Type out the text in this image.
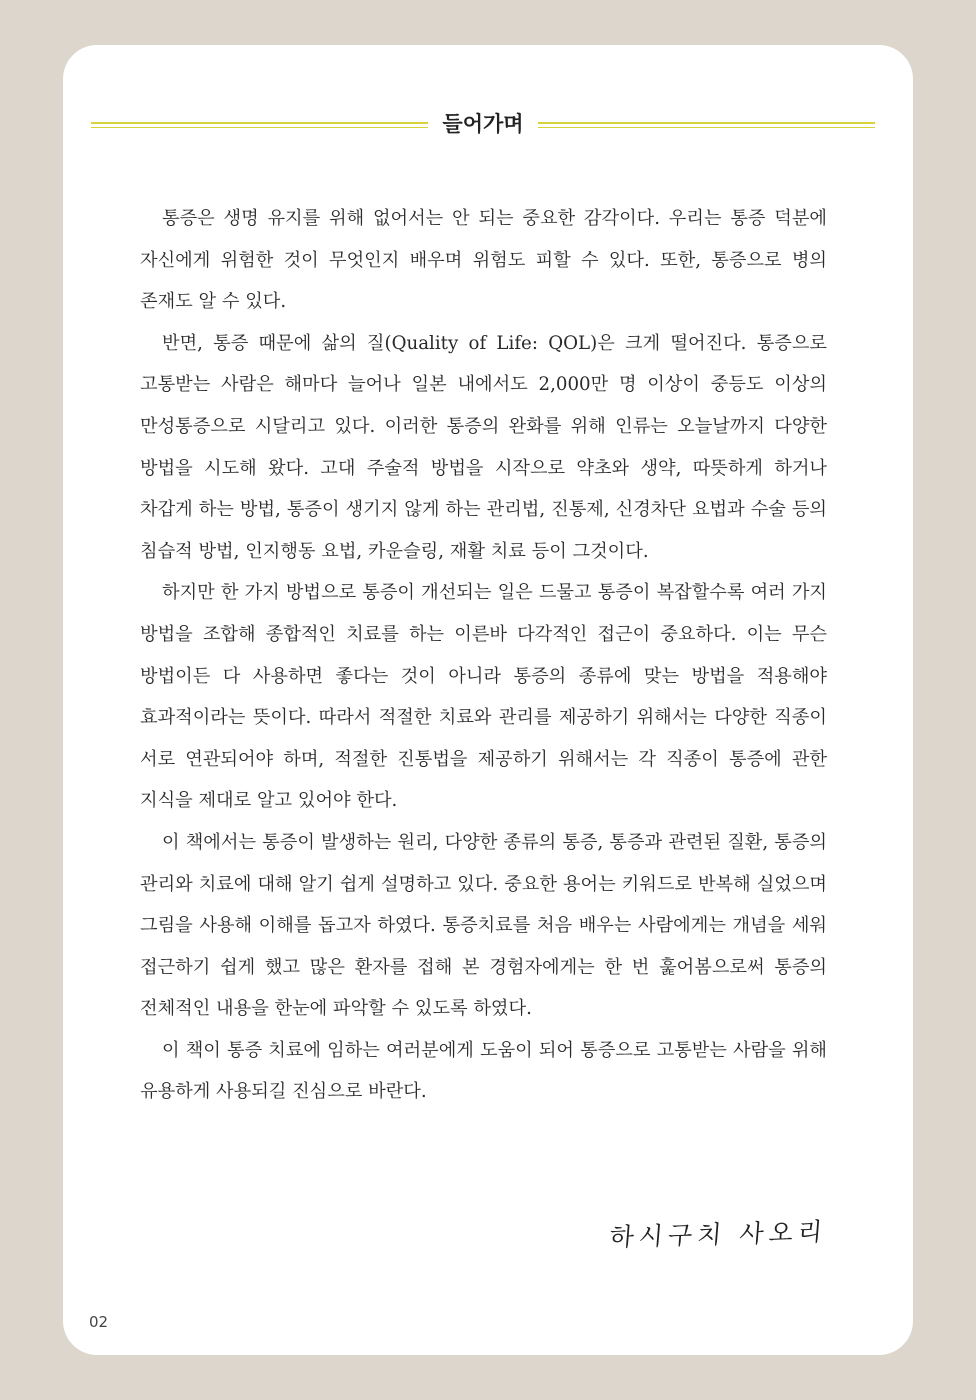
들어가며

통증은 생명 유지를 위해 없어서는 안 되는 중요한 감각이다. 우리는 통증 덕분에 자신에게 위험한 것이 무엇인지 배우며 위험도 피할 수 있다. 또한, 통증으로 병의 존재도 알 수 있다.

반면, 통증 때문에 삶의 질(Quality of Life: QOL)은 크게 떨어진다. 통증으로 고통받는 사람은 해마다 늘어나 일본 내에서도 2,000만 명 이상이 중등도 이상의 만성통증으로 시달리고 있다. 이러한 통증의 완화를 위해 인류는 오늘날까지 다양한 방법을 시도해 왔다. 고대 주술적 방법을 시작으로 약초와 생약, 따뜻하게 하거나 차갑게 하는 방법, 통증이 생기지 않게 하는 관리법, 진통제, 신경차단 요법과 수술 등의 침습적 방법, 인지행동 요법, 카운슬링, 재활 치료 등이 그것이다.

하지만 한 가지 방법으로 통증이 개선되는 일은 드물고 통증이 복잡할수록 여러 가지 방법을 조합해 종합적인 치료를 하는 이른바 다각적인 접근이 중요하다. 이는 무슨 방법이든 다 사용하면 좋다는 것이 아니라 통증의 종류에 맞는 방법을 적용해야 효과적이라는 뜻이다. 따라서 적절한 치료와 관리를 제공하기 위해서는 다양한 직종이 서로 연관되어야 하며, 적절한 진통법을 제공하기 위해서는 각 직종이 통증에 관한 지식을 제대로 알고 있어야 한다.

이 책에서는 통증이 발생하는 원리, 다양한 종류의 통증, 통증과 관련된 질환, 통증의 관리와 치료에 대해 알기 쉽게 설명하고 있다. 중요한 용어는 키워드로 반복해 실었으며 그림을 사용해 이해를 돕고자 하였다. 통증치료를 처음 배우는 사람에게는 개념을 세워 접근하기 쉽게 했고 많은 환자를 접해 본 경험자에게는 한 번 훑어봄으로써 통증의 전체적인 내용을 한눈에 파악할 수 있도록 하였다.

이 책이 통증 치료에 임하는 여러분에게 도움이 되어 통증으로 고통받는 사람을 위해 유용하게 사용되길 진심으로 바란다.

하시구치 사오리
02
